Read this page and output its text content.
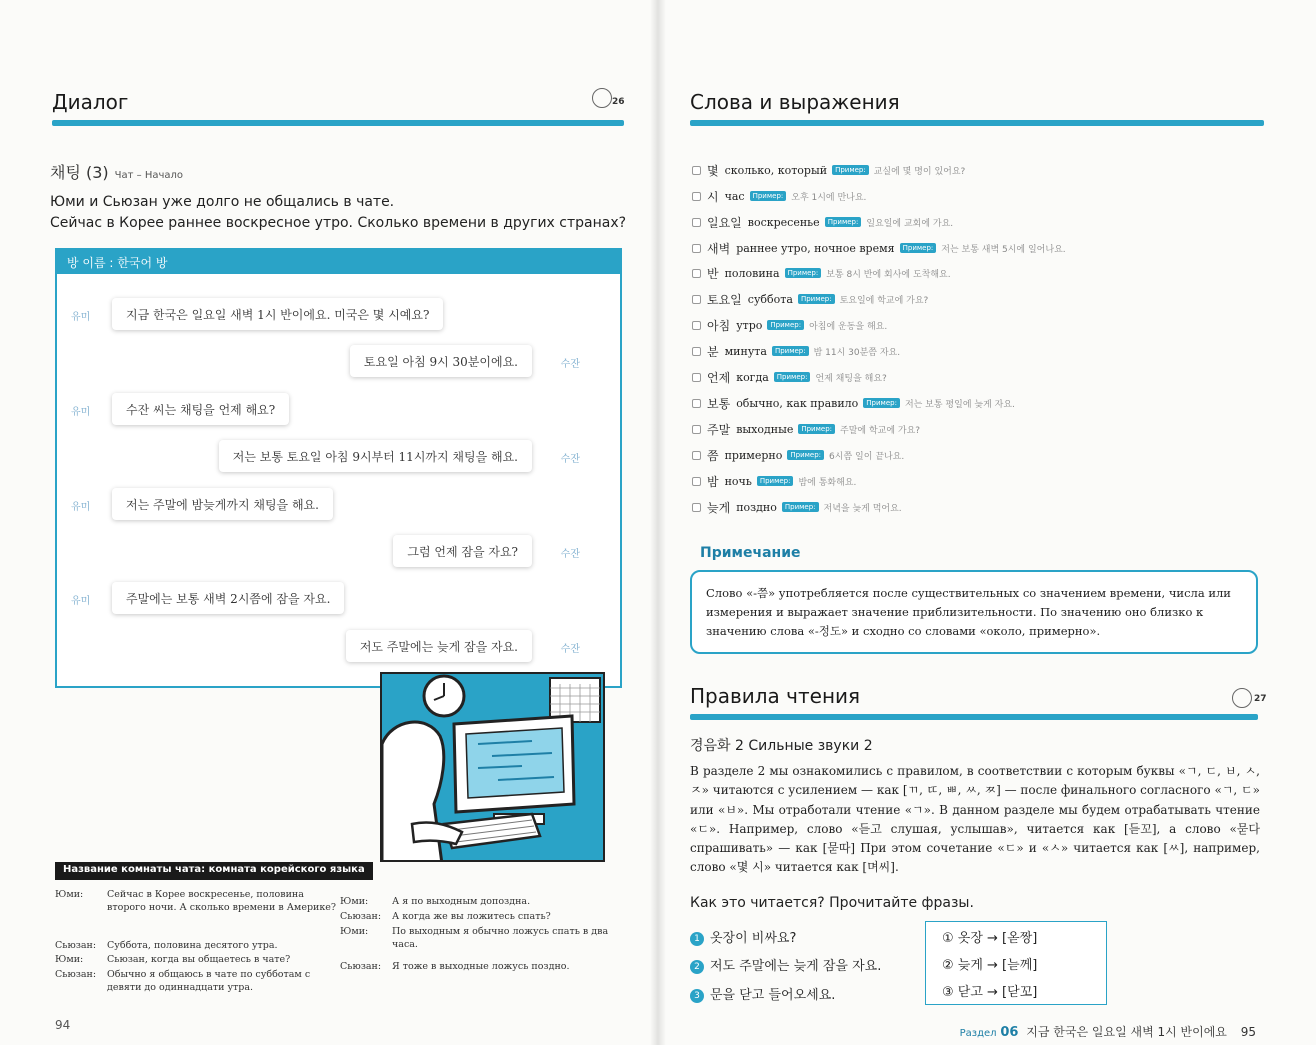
Диалог	26
채팅 (3) Чат – Начало
Юми и Сьюзан уже долго не общались в чате.
Сейчас в Корее раннее воскресное утро. Сколько времени в других странах?
방 이름 : 한국어 방
유미	지금 한국은 일요일 새벽 1시 반이에요. 미국은 몇 시예요?
토요일 아침 9시 30분이에요.	수잔
유미	수잔 씨는 채팅을 언제 해요?
저는 보통 토요일 아침 9시부터 11시까지 채팅을 해요.	수잔
유미	저는 주말에 밤늦게까지 채팅을 해요.
그럼 언제 잠을 자요?	수잔
유미	주말에는 보통 새벽 2시쯤에 잠을 자요.
저도 주말에는 늦게 잠을 자요.	수잔
Название комнаты чата: комната корейского языка
Юми: Сейчас в Корее воскресенье, половина второго ночи. А сколько времени в Америке?
Сьюзан: Суббота, половина десятого утра.
Юми: Сьюзан, когда вы общаетесь в чате?
Сьюзан: Обычно я общаюсь в чате по субботам с девяти до одиннадцати утра.
Юми: А я по выходным допоздна.
Сьюзан: А когда же вы ложитесь спать?
Юми: По выходным я обычно ложусь спать в два часа.
Сьюзан: Я тоже в выходные ложусь поздно.
94
Слова и выражения
몇 сколько, который	Пример: 교실에 몇 명이 있어요?
시 час	Пример: 오후 1시에 만나요.
일요일 воскресенье	Пример: 일요일에 교회에 가요.
새벽 раннее утро, ночное время	Пример: 저는 보통 새벽 5시에 일어나요.
반 половина	Пример: 보통 8시 반에 회사에 도착해요.
토요일 суббота	Пример: 토요일에 학교에 가요?
아침 утро	Пример: 아침에 운동을 해요.
분 минута	Пример: 밤 11시 30분쯤 자요.
언제 когда	Пример: 언제 채팅을 해요?
보통 обычно, как правило	Пример: 저는 보통 평일에 늦게 자요.
주말 выходные	Пример: 주말에 학교에 가요?
쯤 примерно	Пример: 6시쯤 일이 끝나요.
밤 ночь	Пример: 밤에 통화해요.
늦게 поздно	Пример: 저녁을 늦게 먹어요.
Примечание
Слово «-쯤» употребляется после существительных со значением времени, числа или измерения и выражает значение приблизительности. По значению оно близко к значению слова «-정도» и сходно со словами «около, примерно».
Правила чтения	27
경음화 2 Сильные звуки 2
В разделе 2 мы ознакомились с правилом, в соответствии с которым буквы «ㄱ, ㄷ, ㅂ, ㅅ, ㅈ» читаются с усилением — как [ㄲ, ㄸ, ㅃ, ㅆ, ㅉ] — после финального согласного «ㄱ, ㄷ» или «ㅂ». Мы отработали чтение «ㄱ». В данном разделе мы будем отрабатывать чтение «ㄷ». Например, слово «듣고 слушая, услышав», читается как [듣꼬], а слово «묻다 спрашивать» — как [묻따] При этом сочетание «ㄷ» и «ㅅ» читается как [ㅆ], например, слово «몇 시» читается как [며씨].
Как это читается? Прочитайте фразы.
1 옷장이 비싸요?
2 저도 주말에는 늦게 잠을 자요.
3 문을 닫고 들어오세요.
① 옷장 → [옫짱]
② 늦게 → [늗께]
③ 닫고 → [닫꼬]
Раздел 06 지금 한국은 일요일 새벽 1시 반이에요 95
